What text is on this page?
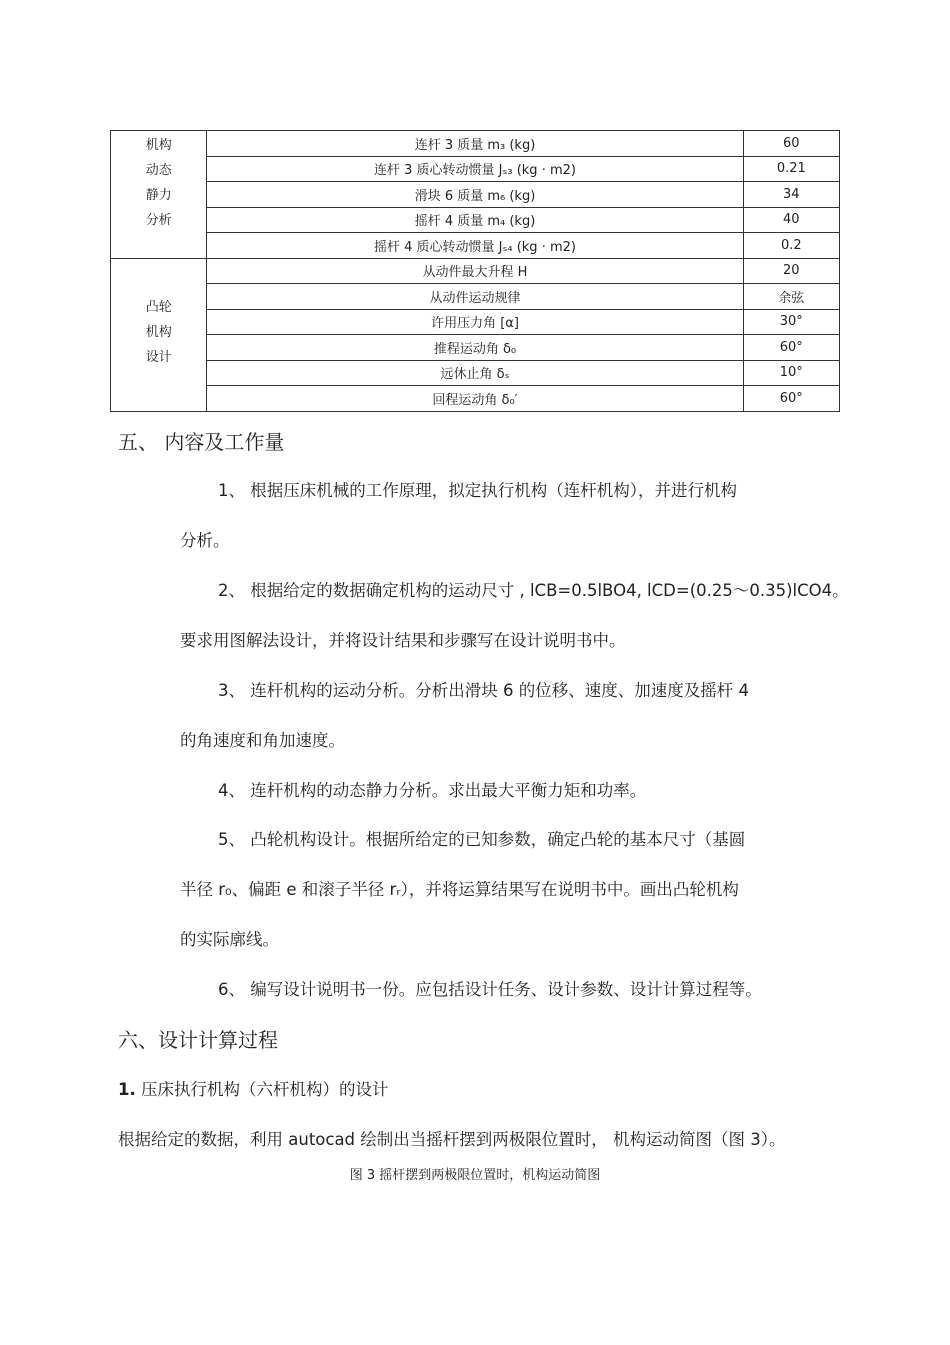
机构
动态
静力
分析	连杆 3 质量 m₃ (kg)	60
	连杆 3 质心转动惯量 Jₛ₃ (kg · m2)	0.21
	滑块 6 质量 m₆ (kg)	34
	摇杆 4 质量 m₄ (kg)	40
	摇杆 4 质心转动惯量 Jₛ₄ (kg · m2)	0.2

凸轮
机构
设计	从动件最大升程 H	20
	从动件运动规律	余弦
	许用压力角 [α]	30°
	推程运动角 δ₀	60°
	远休止角 δₛ	10°
	回程运动角 δ₀′	60°
五、 内容及工作量
1、 根据压床机械的工作原理，拟定执行机构（连杆机构），并进行机构
分析。
2、 根据给定的数据确定机构的运动尺寸 , lCB=0.5lBO4, lCD=(0.25～0.35)lCO4。
要求用图解法设计，并将设计结果和步骤写在设计说明书中。
3、 连杆机构的运动分析。分析出滑块 6 的位移、速度、加速度及摇杆 4
的角速度和角加速度。
4、 连杆机构的动态静力分析。求出最大平衡力矩和功率。
5、 凸轮机构设计。根据所给定的已知参数，确定凸轮的基本尺寸（基圆
半径 r₀、偏距 e 和滚子半径 rᵣ），并将运算结果写在说明书中。画出凸轮机构
的实际廓线。
6、 编写设计说明书一份。应包括设计任务、设计参数、设计计算过程等。
六、设计计算过程
1. 压床执行机构（六杆机构）的设计
根据给定的数据，利用 autocad 绘制出当摇杆摆到两极限位置时， 机构运动简图（图 3）。
图 3 摇杆摆到两极限位置时，机构运动简图
